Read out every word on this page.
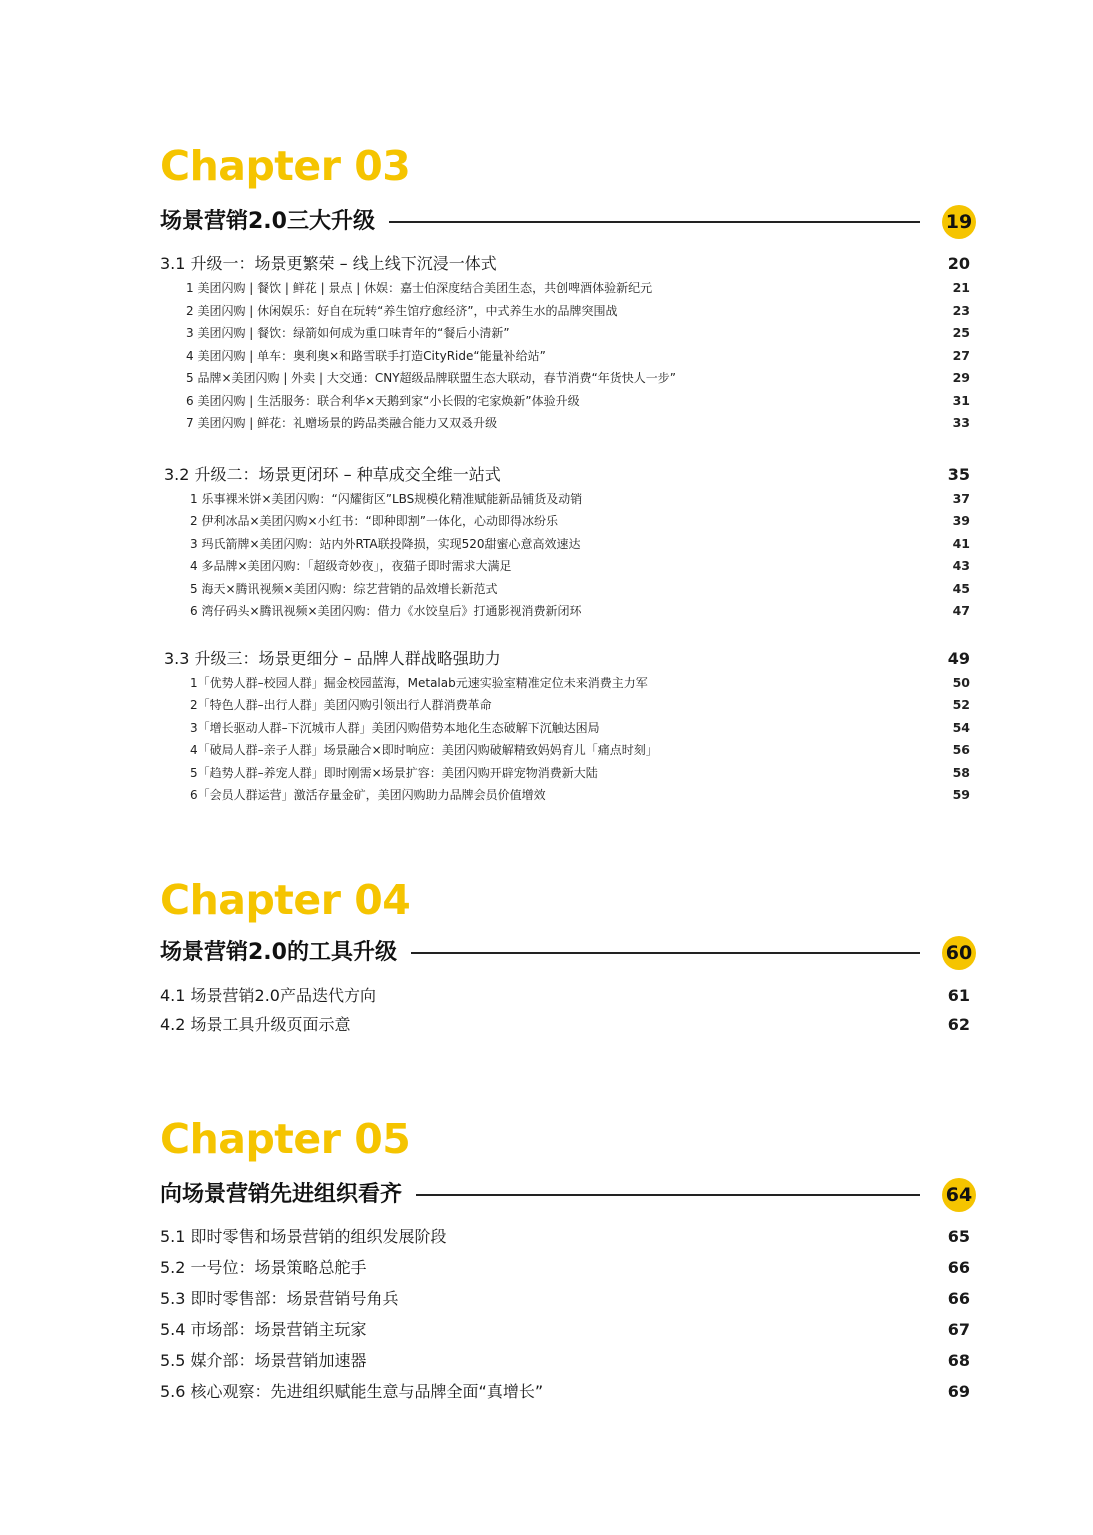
Chapter 03
场景营销2.0三大升级	19
3.1 升级一：场景更繁荣 – 线上线下沉浸一体式	20
1 美团闪购 | 餐饮 | 鲜花 | 景点 | 休娱：嘉士伯深度结合美团生态，共创啤酒体验新纪元	21
2 美团闪购 | 休闲娱乐：好自在玩转“养生馆疗愈经济”，中式养生水的品牌突围战	23
3 美团闪购 | 餐饮：绿箭如何成为重口味青年的“餐后小清新”	25
4 美团闪购 | 单车：奥利奥×和路雪联手打造CityRide“能量补给站”	27
5 品牌×美团闪购 | 外卖 | 大交通：CNY超级品牌联盟生态大联动，春节消费“年货快人一步”	29
6 美团闪购 | 生活服务：联合利华×天鹅到家“小长假的宅家焕新”体验升级	31
7 美团闪购 | 鲜花：礼赠场景的跨品类融合能力又双叒升级	33
3.2 升级二：场景更闭环 – 种草成交全维一站式	35
1 乐事裸米饼×美团闪购：“闪耀街区”LBS规模化精准赋能新品铺货及动销	37
2 伊利冰品×美团闪购×小红书：“即种即割”一体化，心动即得冰纷乐	39
3 玛氏箭牌×美团闪购：站内外RTA联投降损，实现520甜蜜心意高效速达	41
4 多品牌×美团闪购：「超级奇妙夜」，夜猫子即时需求大满足	43
5 海天×腾讯视频×美团闪购：综艺营销的品效增长新范式	45
6 湾仔码头×腾讯视频×美团闪购：借力《水饺皇后》打通影视消费新闭环	47
3.3 升级三：场景更细分 – 品牌人群战略强助力	49
1「优势人群–校园人群」掘金校园蓝海，Metalab元速实验室精准定位未来消费主力军	50
2「特色人群–出行人群」美团闪购引领出行人群消费革命	52
3「增长驱动人群–下沉城市人群」美团闪购借势本地化生态破解下沉触达困局	54
4「破局人群–亲子人群」场景融合×即时响应：美团闪购破解精致妈妈育儿「痛点时刻」	56
5「趋势人群–养宠人群」即时刚需×场景扩容：美团闪购开辟宠物消费新大陆	58
6「会员人群运营」激活存量金矿，美团闪购助力品牌会员价值增效	59
Chapter 04
场景营销2.0的工具升级	60
4.1 场景营销2.0产品迭代方向	61
4.2 场景工具升级页面示意	62
Chapter 05
向场景营销先进组织看齐	64
5.1 即时零售和场景营销的组织发展阶段	65
5.2 一号位：场景策略总舵手	66
5.3 即时零售部：场景营销号角兵	66
5.4 市场部：场景营销主玩家	67
5.5 媒介部：场景营销加速器	68
5.6 核心观察：先进组织赋能生意与品牌全面“真增长”	69
